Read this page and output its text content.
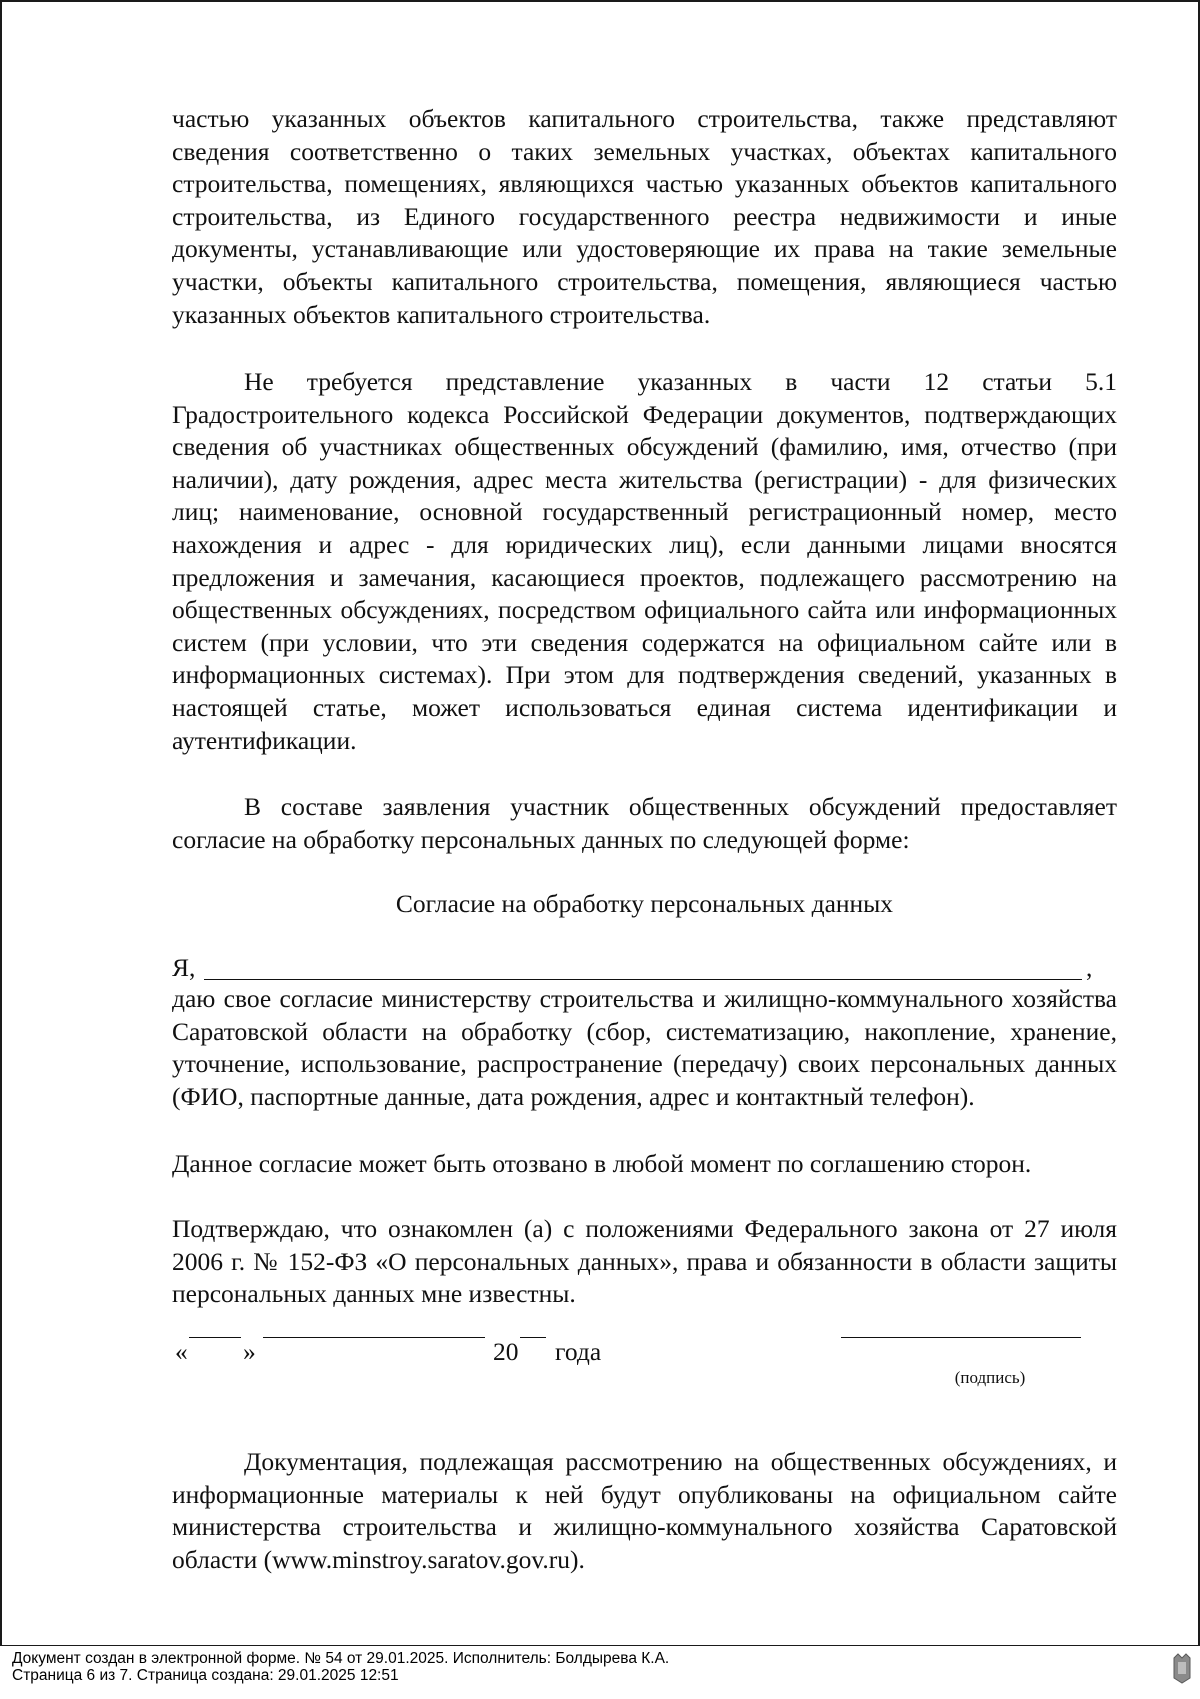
частью указанных объектов капитального строительства, также представляют сведения соответственно о таких земельных участках, объектах капитального строительства, помещениях, являющихся частью указанных объектов капитального строительства, из Единого государственного реестра недвижимости и иные документы, устанавливающие или удостоверяющие их права на такие земельные участки, объекты капитального строительства, помещения, являющиеся частью указанных объектов капитального строительства.

Не требуется представление указанных в части 12 статьи 5.1 Градостроительного кодекса Российской Федерации документов, подтверждающих сведения об участниках общественных обсуждений (фамилию, имя, отчество (при наличии), дату рождения, адрес места жительства (регистрации) - для физических лиц; наименование, основной государственный регистрационный номер, место нахождения и адрес - для юридических лиц), если данными лицами вносятся предложения и замечания, касающиеся проектов, подлежащего рассмотрению на общественных обсуждениях, посредством официального сайта или информационных систем (при условии, что эти сведения содержатся на официальном сайте или в информационных системах). При этом для подтверждения сведений, указанных в настоящей статье, может использоваться единая система идентификации и аутентификации.

В составе заявления участник общественных обсуждений предоставляет согласие на обработку персональных данных по следующей форме:

Согласие на обработку персональных данных
Я,	,

даю свое согласие министерству строительства и жилищно-коммунального хозяйства Саратовской области на обработку (сбор, систематизацию, накопление, хранение, уточнение, использование, распространение (передачу) своих персональных данных (ФИО, паспортные данные, дата рождения, адрес и контактный телефон).

Данное согласие может быть отозвано в любой момент по соглашению сторон.

Подтверждаю, что ознакомлен (а) с положениями Федерального закона от 27 июля 2006 г. № 152-ФЗ «О персональных данных», права и обязанности в области защиты персональных данных мне известны.

« »	20 года
(подпись)

Документация, подлежащая рассмотрению на общественных обсуждениях, и информационные материалы к ней будут опубликованы на официальном сайте министерства строительства и жилищно-коммунального хозяйства Саратовской области (www.minstroy.saratov.gov.ru).

Документ создан в электронной форме. № 54 от 29.01.2025. Исполнитель: Болдырева К.А.
Страница 6 из 7. Страница создана: 29.01.2025 12:51
